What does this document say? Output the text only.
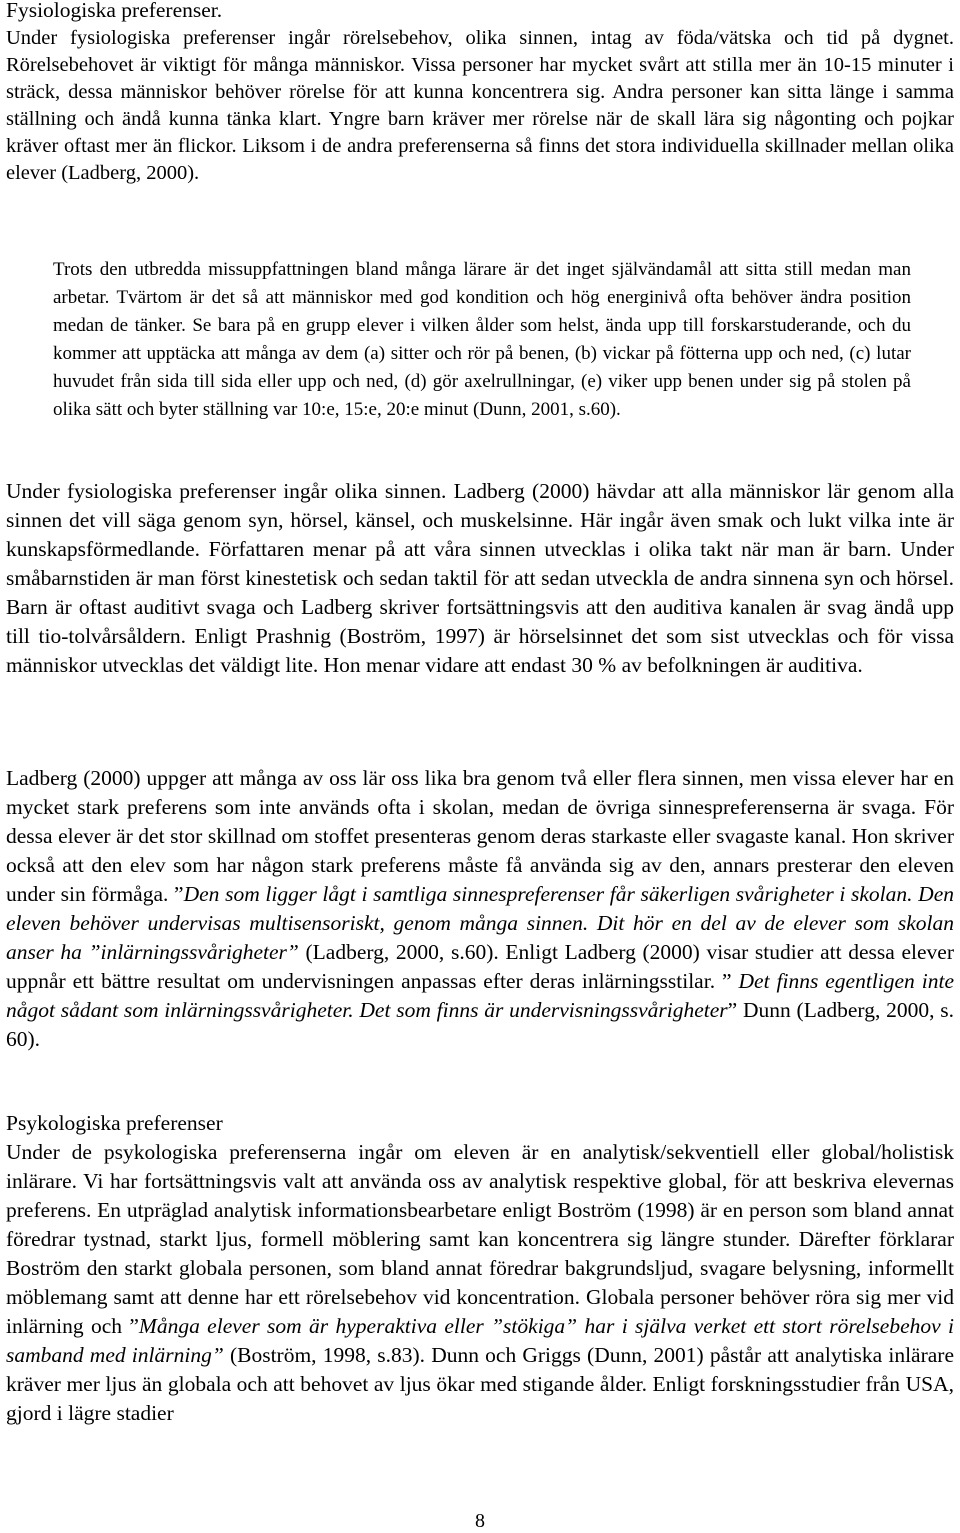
Fysiologiska preferenser.

Under fysiologiska preferenser ingår rörelsebehov, olika sinnen, intag av föda/vätska och tid på dygnet. Rörelsebehovet är viktigt för många människor. Vissa personer har mycket svårt att stilla mer än 10-15 minuter i sträck, dessa människor behöver rörelse för att kunna koncentrera sig. Andra personer kan sitta länge i samma ställning och ändå kunna tänka klart. Yngre barn kräver mer rörelse när de skall lära sig någonting och pojkar kräver oftast mer än flickor. Liksom i de andra preferenserna så finns det stora individuella skillnader mellan olika elever (Ladberg, 2000).

Trots den utbredda missuppfattningen bland många lärare är det inget självändamål att sitta still medan man arbetar. Tvärtom är det så att människor med god kondition och hög energinivå ofta behöver ändra position medan de tänker. Se bara på en grupp elever i vilken ålder som helst, ända upp till forskarstuderande, och du kommer att upptäcka att många av dem (a) sitter och rör på benen, (b) vickar på fötterna upp och ned, (c) lutar huvudet från sida till sida eller upp och ned, (d) gör axelrullningar, (e) viker upp benen under sig på stolen på olika sätt och byter ställning var 10:e, 15:e, 20:e minut (Dunn, 2001, s.60).

Under fysiologiska preferenser ingår olika sinnen. Ladberg (2000) hävdar att alla människor lär genom alla sinnen det vill säga genom syn, hörsel, känsel, och muskelsinne. Här ingår även smak och lukt vilka inte är kunskapsförmedlande. Författaren menar på att våra sinnen utvecklas i olika takt när man är barn. Under småbarnstiden är man först kinestetisk och sedan taktil för att sedan utveckla de andra sinnena syn och hörsel. Barn är oftast auditivt svaga och Ladberg skriver fortsättningsvis att den auditiva kanalen är svag ändå upp till tio-tolvårsåldern. Enligt Prashnig (Boström, 1997) är hörselsinnet det som sist utvecklas och för vissa människor utvecklas det väldigt lite. Hon menar vidare att endast 30 % av befolkningen är auditiva.

Ladberg (2000) uppger att många av oss lär oss lika bra genom två eller flera sinnen, men vissa elever har en mycket stark preferens som inte används ofta i skolan, medan de övriga sinnespreferenserna är svaga. För dessa elever är det stor skillnad om stoffet presenteras genom deras starkaste eller svagaste kanal. Hon skriver också att den elev som har någon stark preferens måste få använda sig av den, annars presterar den eleven under sin förmåga. ”Den som ligger lågt i samtliga sinnespreferenser får säkerligen svårigheter i skolan. Den eleven behöver undervisas multisensoriskt, genom många sinnen. Dit hör en del av de elever som skolan anser ha ”inlärningssvårigheter” (Ladberg, 2000, s.60). Enligt Ladberg (2000) visar studier att dessa elever uppnår ett bättre resultat om undervisningen anpassas efter deras inlärningsstilar. ” Det finns egentligen inte något sådant som inlärningssvårigheter. Det som finns är undervisningssvårigheter” Dunn (Ladberg, 2000, s. 60).

Psykologiska preferenser

Under de psykologiska preferenserna ingår om eleven är en analytisk/sekventiell eller global/holistisk inlärare. Vi har fortsättningsvis valt att använda oss av analytisk respektive global, för att beskriva elevernas preferens. En utpräglad analytisk informationsbearbetare enligt Boström (1998) är en person som bland annat föredrar tystnad, starkt ljus, formell möblering samt kan koncentrera sig längre stunder. Därefter förklarar Boström den starkt globala personen, som bland annat föredrar bakgrundsljud, svagare belysning, informellt möblemang samt att denne har ett rörelsebehov vid koncentration. Globala personer behöver röra sig mer vid inlärning och ”Många elever som är hyperaktiva eller ”stökiga” har i själva verket ett stort rörelsebehov i samband med inlärning” (Boström, 1998, s.83). Dunn och Griggs (Dunn, 2001) påstår att analytiska inlärare kräver mer ljus än globala och att behovet av ljus ökar med stigande ålder. Enligt forskningsstudier från USA, gjord i lägre stadier

8
